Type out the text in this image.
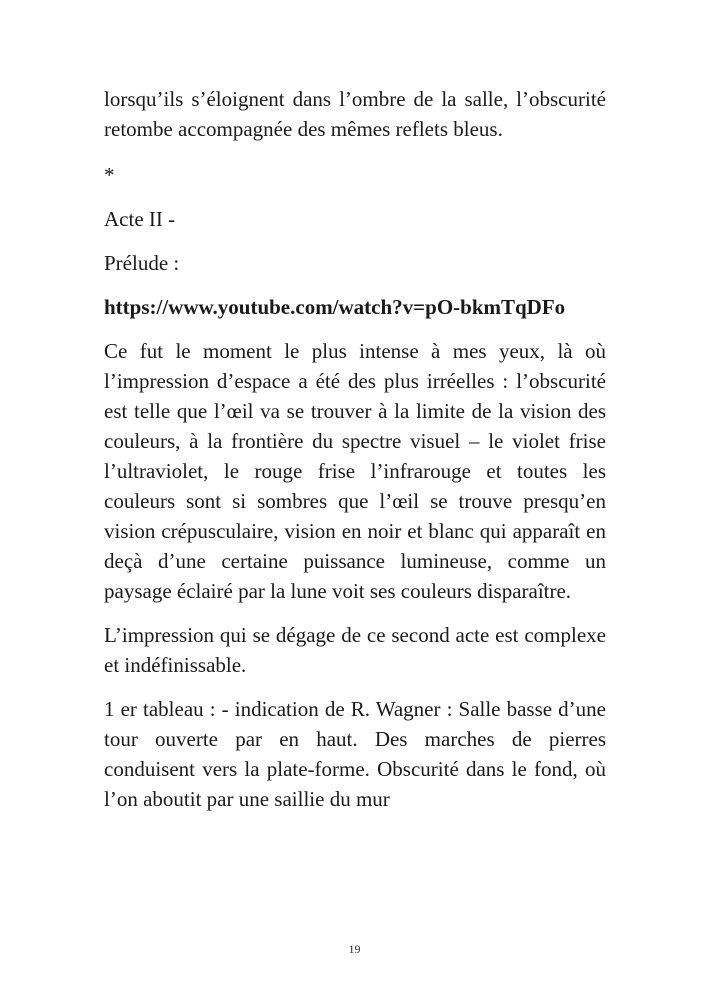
lorsqu’ils s’éloignent dans l’ombre de la salle, l’obscurité retombe accompagnée des mêmes reflets bleus.

*

Acte II -

Prélude :

https://www.youtube.com/watch?v=pO-bkmTqDFo

Ce fut le moment le plus intense à mes yeux, là où l’impression d’espace a été des plus irréelles : l’obscurité est telle que l’œil va se trouver à la limite de la vision des couleurs, à la frontière du spectre visuel – le violet frise l’ultraviolet, le rouge frise l’infrarouge et toutes les couleurs sont si sombres que l’œil se trouve presqu’en vision crépusculaire, vision en noir et blanc qui apparaît en deçà d’une certaine puissance lumineuse, comme un paysage éclairé par la lune voit ses couleurs disparaître.

L’impression qui se dégage de ce second acte est complexe et indéfinissable.

1 er tableau : - indication de R. Wagner : Salle basse d’une tour ouverte par en haut. Des marches de pierres conduisent vers la plate-forme. Obscurité dans le fond, où l’on aboutit par une saillie du mur

19
